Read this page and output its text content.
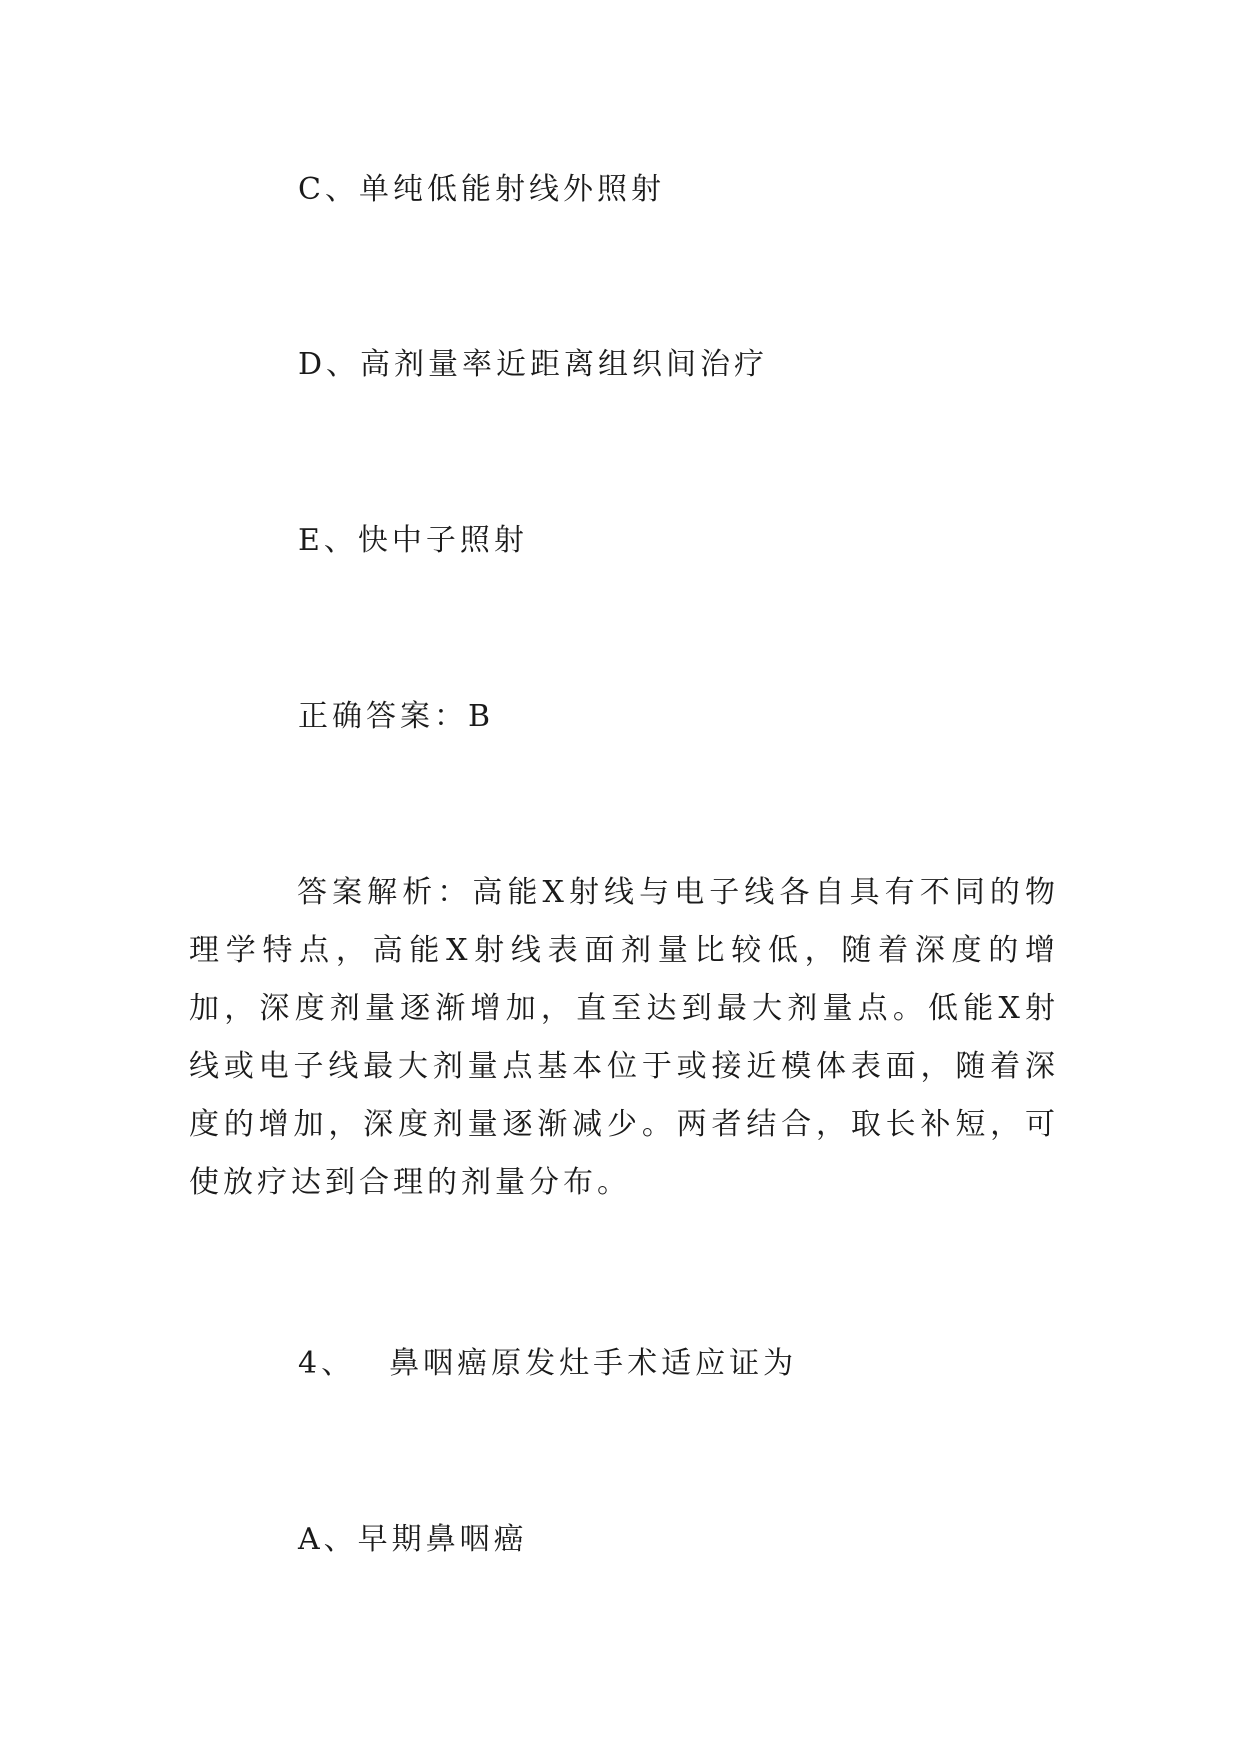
C、单纯低能射线外照射
D、高剂量率近距离组织间治疗
E、快中子照射
正确答案：B
答案解析：高能X射线与电子线各自具有不同的物理学特点，高能X射线表面剂量比较低，随着深度的增加，深度剂量逐渐增加，直至达到最大剂量点。低能X射线或电子线最大剂量点基本位于或接近模体表面，随着深度的增加，深度剂量逐渐减少。两者结合，取长补短，可使放疗达到合理的剂量分布。
4、 鼻咽癌原发灶手术适应证为
A、早期鼻咽癌
